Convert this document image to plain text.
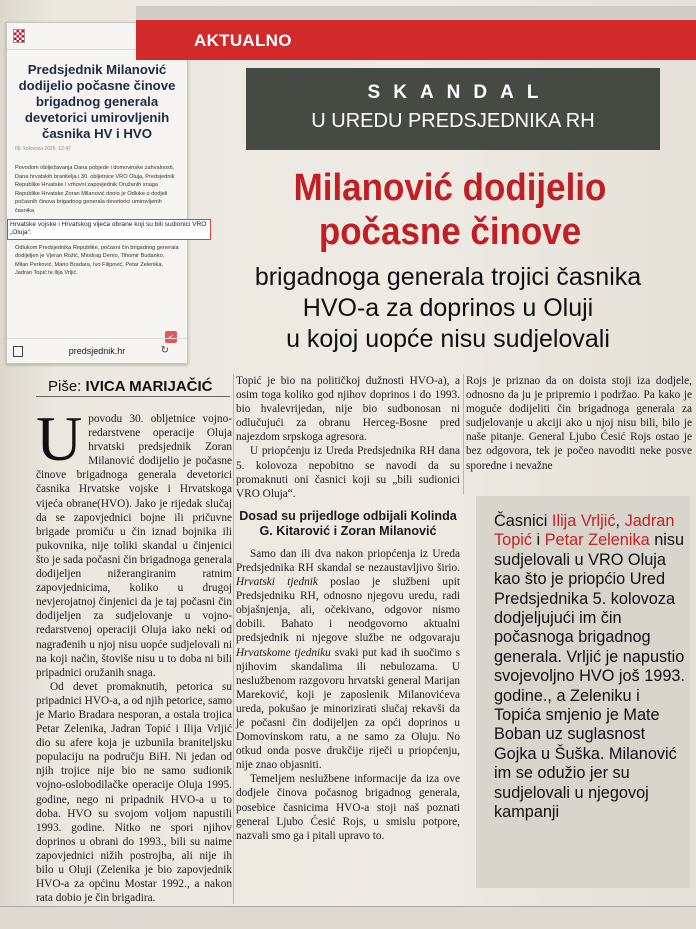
Predsjednik Milanović dodijelio počasne činove brigadnog generala devetorici umirovljenih časnika HV i HVO
05. kolovoza 2025. 12:47
Povodom obilježavanja Dana pobjede i domovinske zahvalnosti, Dana hrvatskih branitelja i 30. obljetnice VRO Oluja, Predsjednik Republike Hrvatske i vrhovni zapovjednik Oružanih snaga Republike Hrvatske Zoran Milanović donio je Odluke o dodjeli počasnih činova brigadnog generala devetorici umirovljenih časnika
Hrvatske vojske i Hrvatskog vijeća obrane koji su bili sudionici VRO „Oluja“.
Odlukom Predsjednika Republike, počasni čin brigadnog generala dodijeljen je Vjeran Rožić, Miodrag Demo, Tihomir Budanko, Milan Perković, Mario Bradara, Ivo Filipović, Petar Zelenika, Jadran Topić te Ilija Vrljić.
<
predsjednik.hr	↻
AKTUALNO
SKANDAL
U UREDU PREDSJEDNIKA RH
Milanović dodijelio
počasne činove
brigadnoga generala trojici časnika
HVO-a za doprinos u Oluji
u kojoj uopće nisu sudjelovali
Piše: IVICA MARIJAČIĆ
U povodu 30. obljetnice vojno-redarstvene operacije Oluja hrvatski predsjednik Zoran Milanović dodijelio je počasne činove brigadnoga generala devetorici časnika Hrvatske vojske i Hrvatskoga vijeća obrane(HVO). Jako je rijedak slučaj da se zapovjednici bojne ili pričuvne brigade promiču u čin iznad bojnika ili pukovnika, nije toliki skandal u činjenici što je sada počasni čin brigadnoga generala dodijeljen nižerangiranim ratnim zapovjednicima, koliko u drugoj nevjerojatnoj činjenici da je taj počasni čin dodijeljen za sudjelovanje u vojno-redarstvenoj operaciji Oluja iako neki od nagrađenih u njoj nisu uopće sudjelovali ni na koji način, štoviše nisu u to doba ni bili pripadnici oružanih snaga.

Od devet promaknutih, petorica su pripadnici HVO-a, a od njih petorice, samo je Mario Bradara nesporan, a ostala trojica Petar Zelenika, Jadran Topić i Ilija Vrljić dio su afere koja je uzbunila braniteljsku populaciju na području BiH. Ni jedan od njih trojice nije bio ne samo sudionik vojno-oslobodilačke operacije Oluja 1995. godine, nego ni pripadnik HVO-a u to doba. HVO su svojom voljom napustili 1993. godine. Nitko ne spori njihov doprinos u obrani do 1993., bili su naime zapovjednici nižih postrojba, ali nije ih bilo u Oluji (Zelenika je bio zapovjednik HVO-a za općinu Mostar 1992., a nakon rata dobio je čin brigadira.

Topić je bio na političkoj dužnosti HVO-a), a osim toga koliko god njihov doprinos i do 1993. bio hvalevrijedan, nije bio sudbonosan ni odlučujući za obranu Herceg-Bosne pred najezdom srpskoga agresora.

U priopćenju iz Ureda Predsjednika RH dana 5. kolovoza nepobitno se navodi da su promaknuti oni časnici koji su „bili sudionici VRO Oluja“.

Dosad su prijedloge odbijali Kolinda G. Kitarović i Zoran Milanović

Samo dan ili dva nakon priopćenja iz Ureda Predsjednika RH skandal se nezaustavljivo širio. Hrvatski tjednik poslao je službeni upit Predsjedniku RH, odnosno njegovu uredu, radi objašnjenja, ali, očekivano, odgovor nismo dobili. Bahato i neodgovorno aktualni predsjednik ni njegove službe ne odgovaraju Hrvatskome tjedniku svaki put kad ih suočimo s njihovim skandalima ili nebulozama. U neslužbenom razgovoru hrvatski general Marijan Mareković, koji je zaposlenik Milanovićeva ureda, pokušao je minorizirati slučaj rekavši da je počasni čin dodijeljen za opći doprinos u Domovinskom ratu, a ne samo za Oluju. No otkud onda posve drukčije riječi u priopćenju, nije znao objasniti.

Temeljem neslužbene informacije da iza ove dodjele činova počasnog brigadnog generala, posebice časnicima HVO-a stoji naš poznati general Ljubo Ćesić Rojs, u smislu potpore, nazvali smo ga i pitali upravo to.

Rojs je priznao da on doista stoji iza dodjele, odnosno da ju je pripremio i podržao. Pa kako je moguće dodijeliti čin brigadnoga generala za sudjelovanje u akciji ako u njoj nisu bili, bilo je naše pitanje. General Ljubo Ćesić Rojs ostao je bez odgovora, tek je počeo navoditi neke posve sporedne i nevažne

Časnici Ilija Vrljić, Jadran Topić i Petar Zelenika nisu sudjelovali u VRO Oluja kao što je priopćio Ured Predsjednika 5. kolovoza dodjeljujući im čin počasnoga brigadnog generala. Vrljić je napustio svojevoljno HVO još 1993. godine., a Zeleniku i Topića smjenio je Mate Boban uz suglasnost Gojka u Šuška. Milanović im se odužio jer su sudjelovali u njegovoj kampanji
